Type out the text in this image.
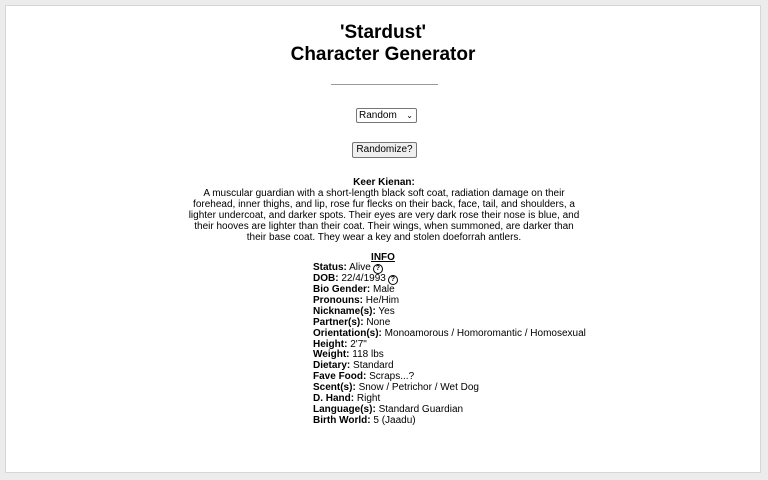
'Stardust'
Character Generator
Random ⌄
Randomize?
Keer Kienan:
A muscular guardian with a short-length black soft coat, radiation damage on their forehead, inner thighs, and lip, rose fur flecks on their back, face, tail, and shoulders, a lighter undercoat, and darker spots. Their eyes are very dark rose their nose is blue, and their hooves are lighter than their coat. Their wings, when summoned, are darker than their base coat. They wear a key and stolen doeforrah antlers.
INFO
Status: Alive ?
DOB: 22/4/1993 ?
Bio Gender: Male
Pronouns: He/Him
Nickname(s): Yes
Partner(s): None
Orientation(s): Monoamorous / Homoromantic / Homosexual
Height: 2'7"
Weight: 118 lbs
Dietary: Standard
Fave Food: Scraps...?
Scent(s): Snow / Petrichor / Wet Dog
D. Hand: Right
Language(s): Standard Guardian
Birth World: 5 (Jaadu)
